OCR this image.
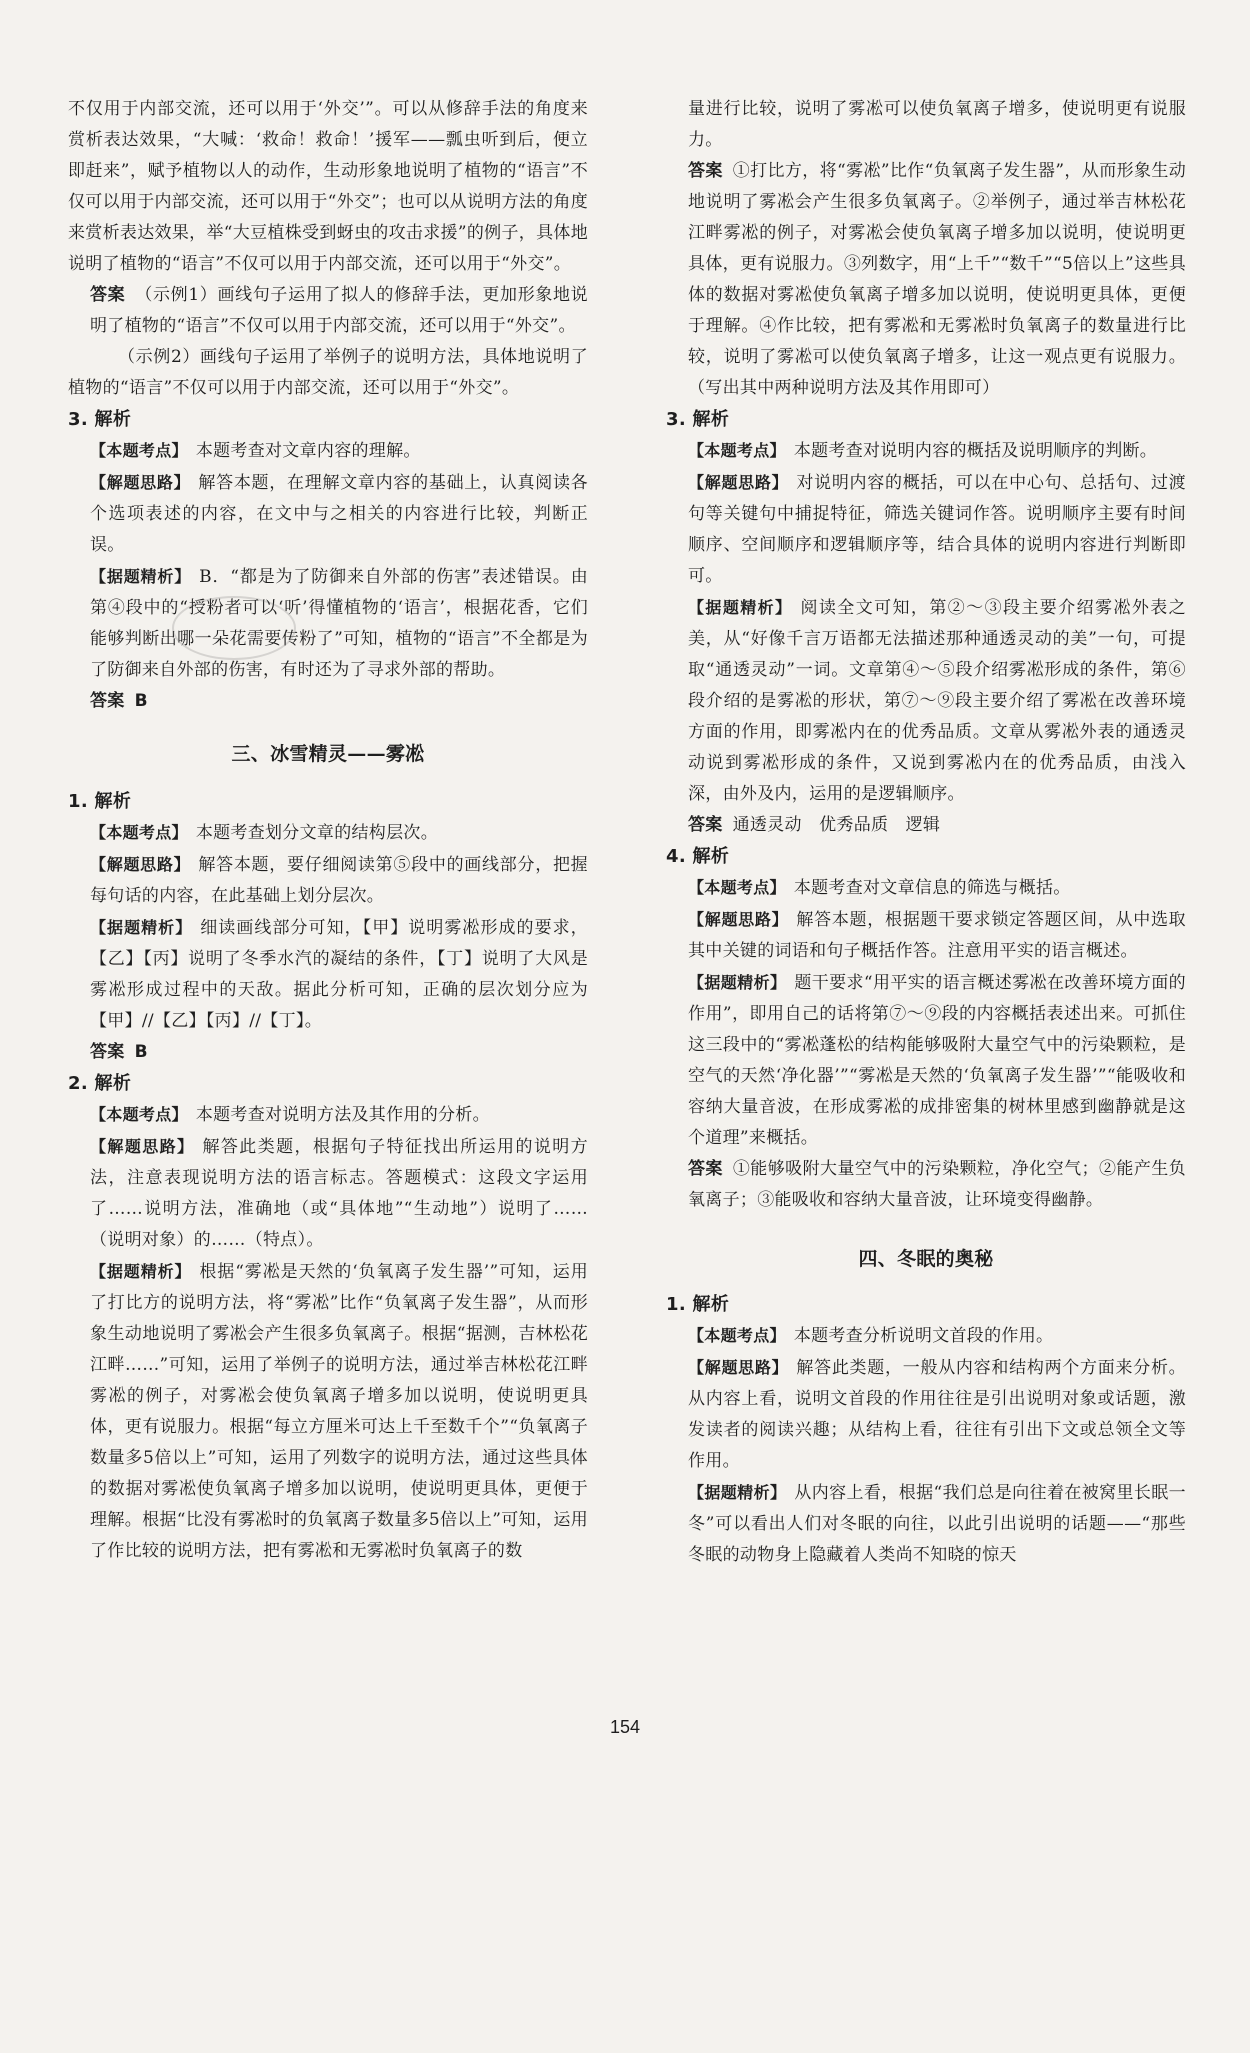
不仅用于内部交流，还可以用于‘外交’”。可以从修辞手法的角度来赏析表达效果，“大喊：‘救命！救命！’援军——瓢虫听到后，便立即赶来”，赋予植物以人的动作，生动形象地说明了植物的“语言”不仅可以用于内部交流，还可以用于“外交”；也可以从说明方法的角度来赏析表达效果，举“大豆植株受到蚜虫的攻击求援”的例子，具体地说明了植物的“语言”不仅可以用于内部交流，还可以用于“外交”。

答案 （示例1）画线句子运用了拟人的修辞手法，更加形象地说明了植物的“语言”不仅可以用于内部交流，还可以用于“外交”。

（示例2）画线句子运用了举例子的说明方法，具体地说明了植物的“语言”不仅可以用于内部交流，还可以用于“外交”。

3. 解析

【本题考点】 本题考查对文章内容的理解。

【解题思路】 解答本题，在理解文章内容的基础上，认真阅读各个选项表述的内容，在文中与之相关的内容进行比较，判断正误。

【据题精析】 B．“都是为了防御来自外部的伤害”表述错误。由第④段中的“授粉者可以‘听’得懂植物的‘语言’，根据花香，它们能够判断出哪一朵花需要传粉了”可知，植物的“语言”不全都是为了防御来自外部的伤害，有时还为了寻求外部的帮助。

答案 B

三、冰雪精灵——雾凇

1. 解析

【本题考点】 本题考查划分文章的结构层次。

【解题思路】 解答本题，要仔细阅读第⑤段中的画线部分，把握每句话的内容，在此基础上划分层次。

【据题精析】 细读画线部分可知，【甲】说明雾凇形成的要求，【乙】【丙】说明了冬季水汽的凝结的条件，【丁】说明了大风是雾凇形成过程中的天敌。据此分析可知，正确的层次划分应为【甲】//【乙】【丙】//【丁】。

答案 B

2. 解析

【本题考点】 本题考查对说明方法及其作用的分析。

【解题思路】 解答此类题，根据句子特征找出所运用的说明方法，注意表现说明方法的语言标志。答题模式：这段文字运用了……说明方法，准确地（或“具体地”“生动地”）说明了……（说明对象）的……（特点）。

【据题精析】 根据“雾凇是天然的‘负氧离子发生器’”可知，运用了打比方的说明方法，将“雾凇”比作“负氧离子发生器”，从而形象生动地说明了雾凇会产生很多负氧离子。根据“据测，吉林松花江畔……”可知，运用了举例子的说明方法，通过举吉林松花江畔雾凇的例子，对雾凇会使负氧离子增多加以说明，使说明更具体，更有说服力。根据“每立方厘米可达上千至数千个”“负氧离子数量多5倍以上”可知，运用了列数字的说明方法，通过这些具体的数据对雾凇使负氧离子增多加以说明，使说明更具体，更便于理解。根据“比没有雾凇时的负氧离子数量多5倍以上”可知，运用了作比较的说明方法，把有雾凇和无雾凇时负氧离子的数

量进行比较，说明了雾凇可以使负氧离子增多，使说明更有说服力。

答案 ①打比方，将“雾凇”比作“负氧离子发生器”，从而形象生动地说明了雾凇会产生很多负氧离子。②举例子，通过举吉林松花江畔雾凇的例子，对雾凇会使负氧离子增多加以说明，使说明更具体，更有说服力。③列数字，用“上千”“数千”“5倍以上”这些具体的数据对雾凇使负氧离子增多加以说明，使说明更具体，更便于理解。④作比较，把有雾凇和无雾凇时负氧离子的数量进行比较，说明了雾凇可以使负氧离子增多，让这一观点更有说服力。（写出其中两种说明方法及其作用即可）

3. 解析

【本题考点】 本题考查对说明内容的概括及说明顺序的判断。

【解题思路】 对说明内容的概括，可以在中心句、总括句、过渡句等关键句中捕捉特征，筛选关键词作答。说明顺序主要有时间顺序、空间顺序和逻辑顺序等，结合具体的说明内容进行判断即可。

【据题精析】 阅读全文可知，第②～③段主要介绍雾凇外表之美，从“好像千言万语都无法描述那种通透灵动的美”一句，可提取“通透灵动”一词。文章第④～⑤段介绍雾凇形成的条件，第⑥段介绍的是雾凇的形状，第⑦～⑨段主要介绍了雾凇在改善环境方面的作用，即雾凇内在的优秀品质。文章从雾凇外表的通透灵动说到雾凇形成的条件，又说到雾凇内在的优秀品质，由浅入深，由外及内，运用的是逻辑顺序。

答案 通透灵动　优秀品质　逻辑

4. 解析

【本题考点】 本题考查对文章信息的筛选与概括。

【解题思路】 解答本题，根据题干要求锁定答题区间，从中选取其中关键的词语和句子概括作答。注意用平实的语言概述。

【据题精析】 题干要求“用平实的语言概述雾凇在改善环境方面的作用”，即用自己的话将第⑦～⑨段的内容概括表述出来。可抓住这三段中的“雾凇蓬松的结构能够吸附大量空气中的污染颗粒，是空气的天然‘净化器’”“雾凇是天然的‘负氧离子发生器’”“能吸收和容纳大量音波，在形成雾凇的成排密集的树林里感到幽静就是这个道理”来概括。

答案 ①能够吸附大量空气中的污染颗粒，净化空气；②能产生负氧离子；③能吸收和容纳大量音波，让环境变得幽静。

四、冬眠的奥秘

1. 解析

【本题考点】 本题考查分析说明文首段的作用。

【解题思路】 解答此类题，一般从内容和结构两个方面来分析。从内容上看，说明文首段的作用往往是引出说明对象或话题，激发读者的阅读兴趣；从结构上看，往往有引出下文或总领全文等作用。

【据题精析】 从内容上看，根据“我们总是向往着在被窝里长眠一冬”可以看出人们对冬眠的向往，以此引出说明的话题——“那些冬眠的动物身上隐藏着人类尚不知晓的惊天

154
